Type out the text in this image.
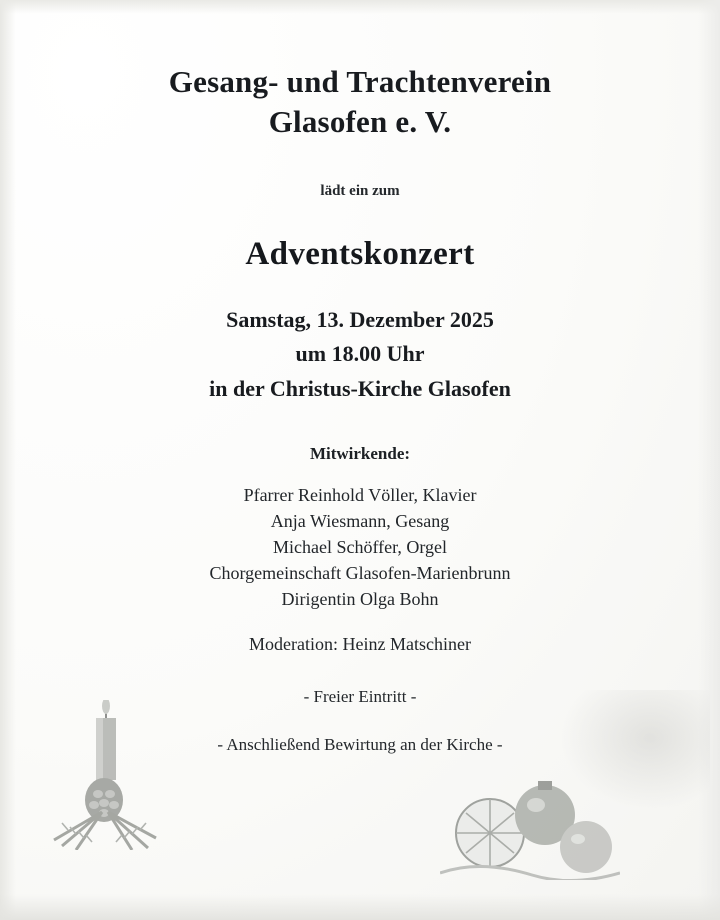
Gesang- und Trachtenverein
Glasofen e. V.

lädt ein zum

Adventskonzert
Samstag, 13. Dezember 2025
um 18.00 Uhr
in der Christus-Kirche Glasofen

Mitwirkende:

Pfarrer Reinhold Völler, Klavier
Anja Wiesmann, Gesang
Michael Schöffer, Orgel
Chorgemeinschaft Glasofen-Marienbrunn
Dirigentin Olga Bohn

Moderation: Heinz Matschiner

- Freier Eintritt -

- Anschließend Bewirtung an der Kirche -
